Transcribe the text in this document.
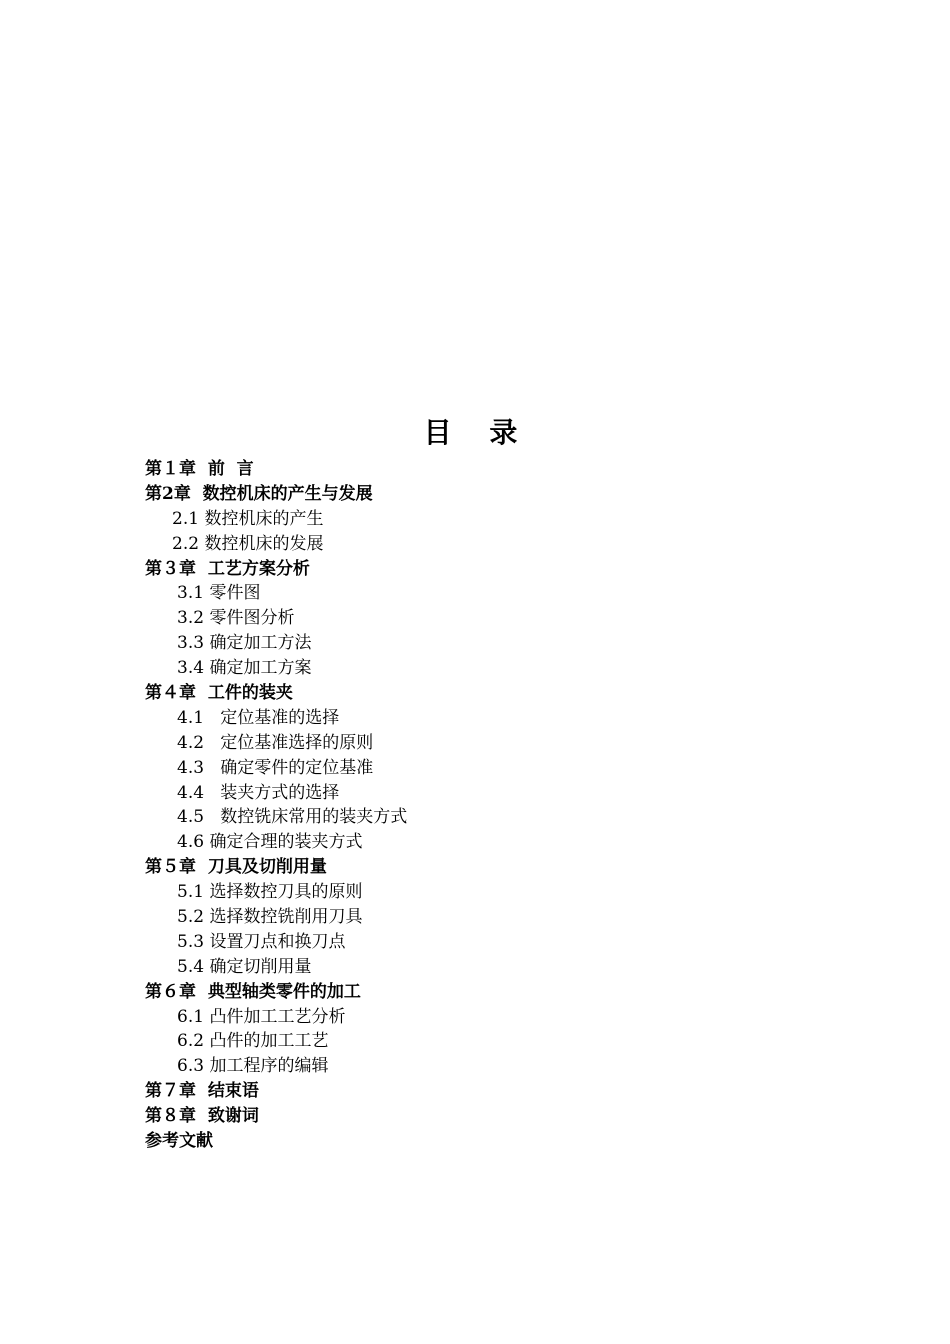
目 录
第１章  前  言
第2章  数控机床的产生与发展
2.1 数控机床的产生
2.2 数控机床的发展
第３章  工艺方案分析
3.1 零件图
3.2 零件图分析
3.3 确定加工方法
3.4 确定加工方案
第４章  工件的装夹
4.1   定位基准的选择
4.2   定位基准选择的原则
4.3   确定零件的定位基准
4.4   装夹方式的选择
4.5   数控铣床常用的装夹方式
4.6 确定合理的装夹方式
第５章  刀具及切削用量
5.1 选择数控刀具的原则
5.2 选择数控铣削用刀具
5.3 设置刀点和换刀点
5.4 确定切削用量
第６章  典型轴类零件的加工
6.1 凸件加工工艺分析
6.2 凸件的加工工艺
6.3 加工程序的编辑
第７章  结束语
第８章  致谢词
参考文献
